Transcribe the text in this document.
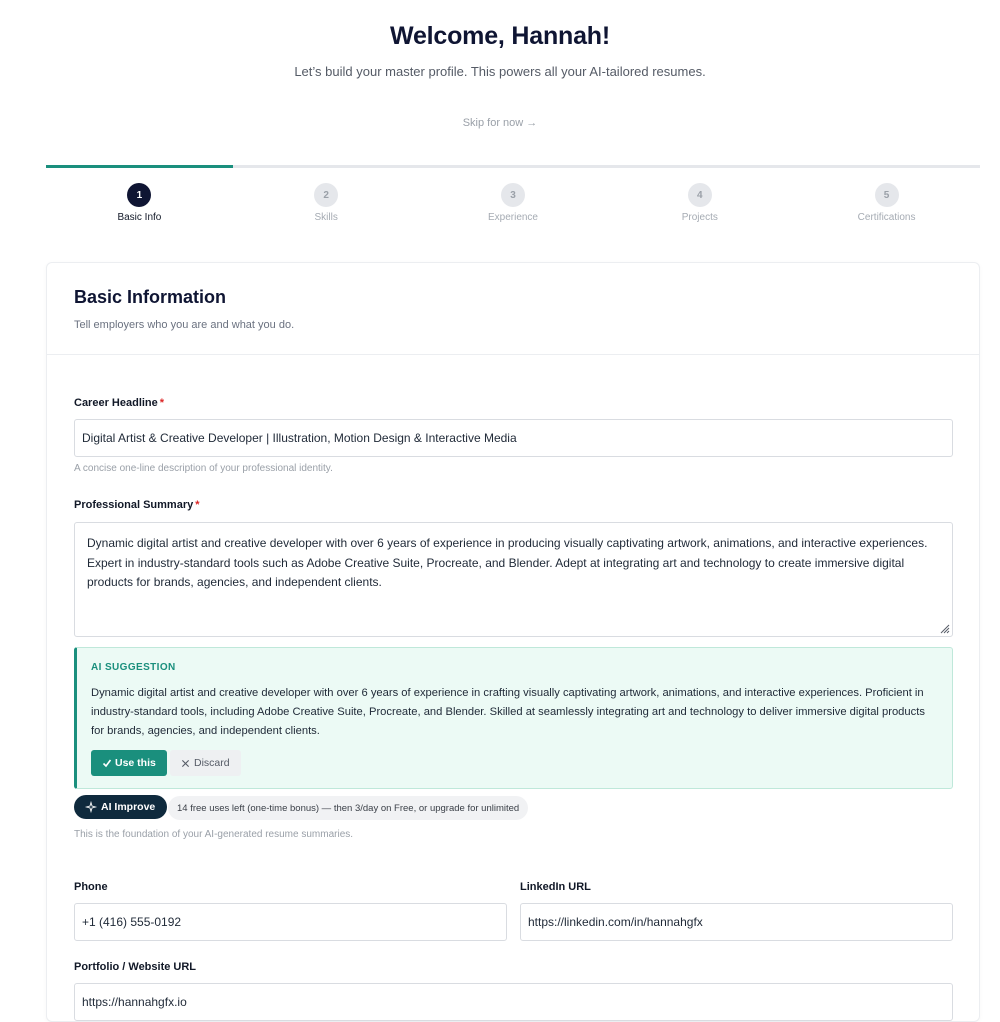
Welcome, Hannah!
Let’s build your master profile. This powers all your AI-tailored resumes.
Skip for now →
1
Basic Info
2
Skills
3
Experience
4
Projects
5
Certifications
Basic Information
Tell employers who you are and what you do.
Career Headline *
Digital Artist & Creative Developer | Illustration, Motion Design & Interactive Media
A concise one-line description of your professional identity.
Professional Summary *
Dynamic digital artist and creative developer with over 6 years of experience in producing visually captivating artwork, animations, and interactive experiences. Expert in industry-standard tools such as Adobe Creative Suite, Procreate, and Blender. Adept at integrating art and technology to create immersive digital products for brands, agencies, and independent clients.
AI SUGGESTION
Dynamic digital artist and creative developer with over 6 years of experience in crafting visually captivating artwork, animations, and interactive experiences. Proficient in industry-standard tools, including Adobe Creative Suite, Procreate, and Blender. Skilled at seamlessly integrating art and technology to deliver immersive digital products for brands, agencies, and independent clients.
Use this	Discard
AI Improve	14 free uses left (one-time bonus) — then 3/day on Free, or upgrade for unlimited
This is the foundation of your AI-generated resume summaries.
Phone
+1 (416) 555-0192
LinkedIn URL
https://linkedin.com/in/hannahgfx
Portfolio / Website URL
https://hannahgfx.io
